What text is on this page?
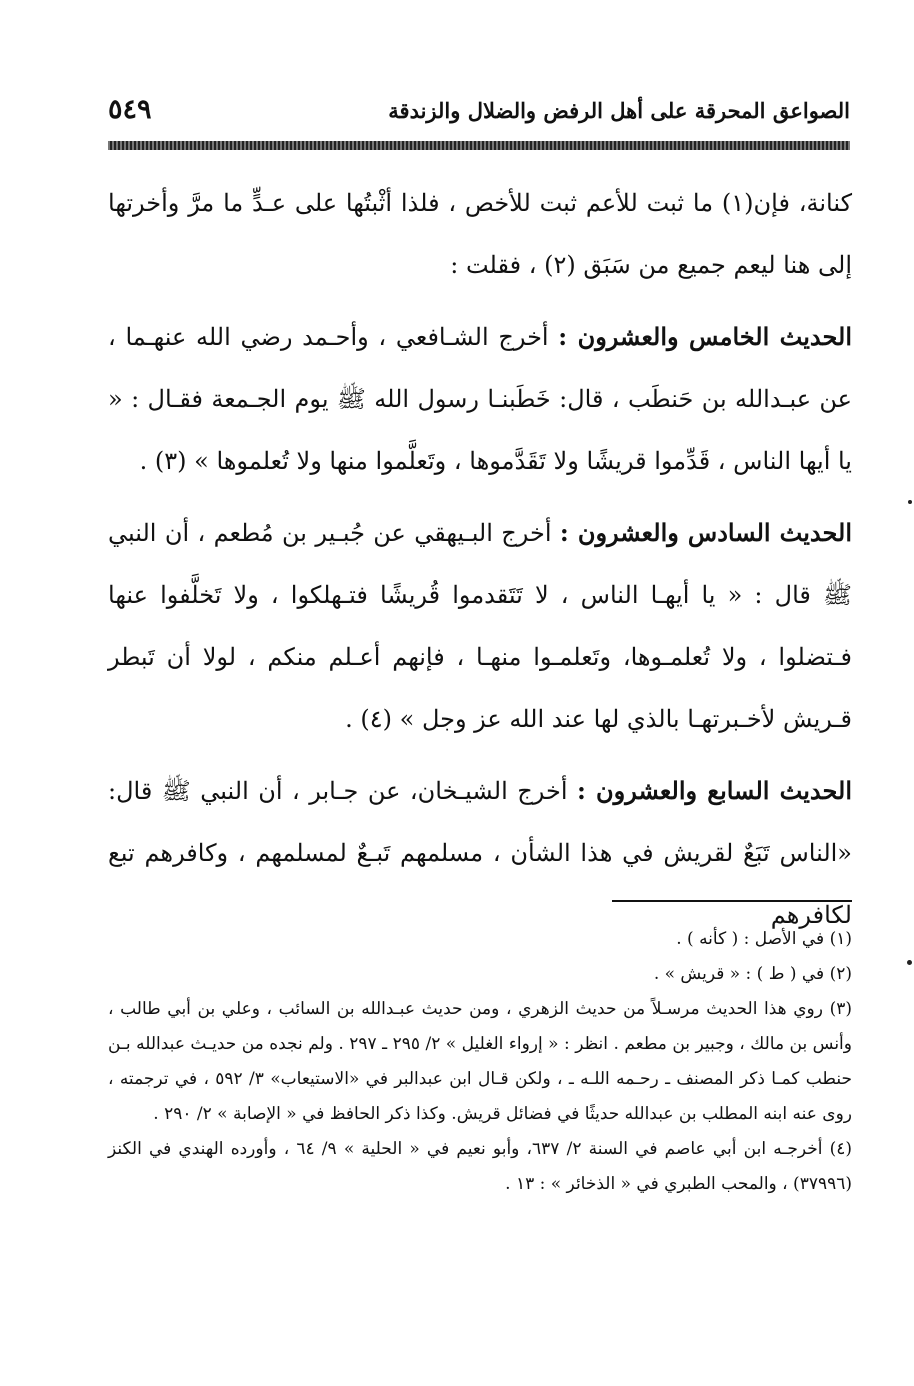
الصواعق المحرقة على أهل الرفض والضلال والزندقة
٥٤٩

كنانة، فإن(١) ما ثبت للأعم ثبت للأخص ، فلذا أثْبتُها على عـدٍّ ما مرَّ وأخرتها إلى هنا ليعم جميع من سَبَق (٢) ، فقلت :

الحديث الخامس والعشرون : أخرج الشـافعي ، وأحـمد رضي الله عنهـما ، عن عبـدالله بن حَنطَب ، قال: خَطَبنـا رسول الله ﷺ يوم الجـمعة فقـال : « يا أيها الناس ، قَدِّموا قريشًا ولا تَقَدَّموها ، وتَعلَّموا منها ولا تُعلموها » (٣) .

الحديث السادس والعشرون : أخرج البـيهقي عن جُبـير بن مُطعم ، أن النبي ﷺ قال : « يا أيهـا الناس ، لا تَتَقدموا قُريشًا فتـهلكوا ، ولا تَخلَّفوا عنها فـتضلوا ، ولا تُعلمـوها، وتَعلمـوا منهـا ، فإنهم أعـلم منكم ، لولا أن تَبطر قـريش لأخـبرتهـا بالذي لها عند الله عز وجل » (٤) .

الحديث السابع والعشرون : أخرج الشيـخان، عن جـابر ، أن النبي ﷺ قال: «الناس تَبَعٌ لقريش في هذا الشأن ، مسلمهم تَبـعٌ لمسلمهم ، وكافرهم تبع لكافرهم

(١) في الأصل : ( كأنه ) .

(٢) في ( ط ) : « قريش » .

(٣) روي هذا الحديث مرسـلاً من حديث الزهري ، ومن حديث عبـدالله بن السائب ، وعلي بن أبي طالب ، وأنس بن مالك ، وجبير بن مطعم . انظر : « إرواء الغليل » ٢/ ٢٩٥ ـ ٢٩٧ . ولم نجده من حديـث عبدالله بـن حنطب كمـا ذكر المصنف ـ رحـمه اللـه ـ ، ولكن قـال ابن عبدالبر في «الاستيعاب» ٣/ ٥٩٢ ، في ترجمته ، روى عنه ابنه المطلب بن عبدالله حديثًا في فضائل قريش. وكذا ذكر الحافظ في « الإصابة » ٢/ ٢٩٠ .

(٤) أخرجـه ابن أبي عاصم في السنة ٢/ ٦٣٧، وأبو نعيم في « الحلية » ٩/ ٦٤ ، وأورده الهندي في الكنز (٣٧٩٩٦) ، والمحب الطبري في « الذخائر » : ١٣ .
